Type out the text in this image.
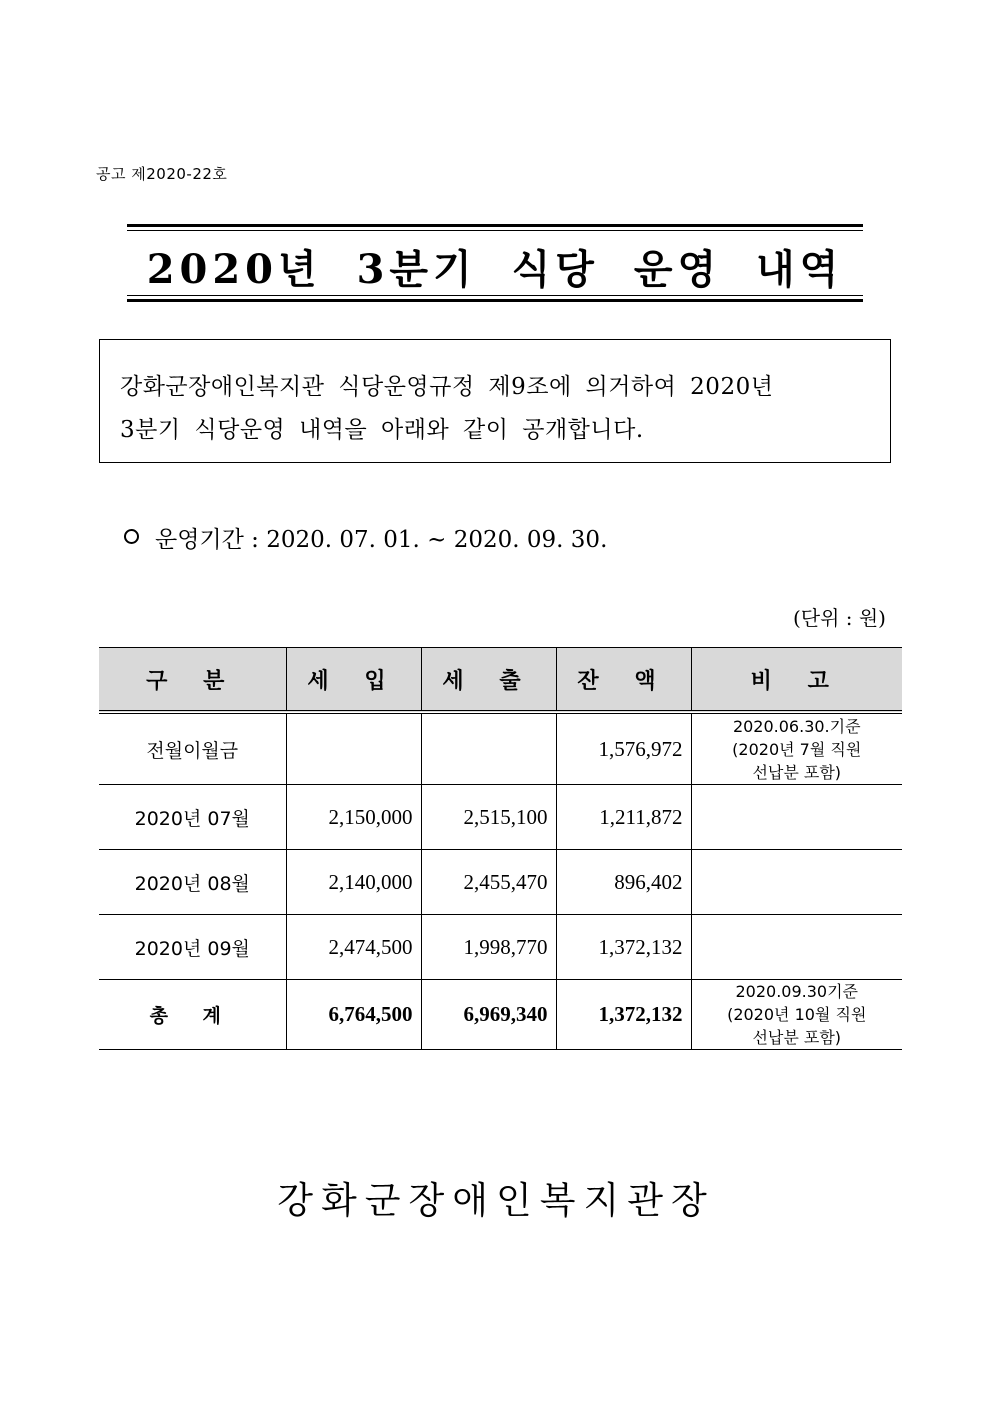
공고 제2020-22호
2020년 3분기 식당 운영 내역

강화군장애인복지관 식당운영규정 제9조에 의거하여 2020년

3분기 식당운영 내역을 아래와 같이 공개합니다.

운영기간 : 2020. 07. 01. ~ 2020. 09. 30.
(단위 : 원)
구 분	세 입	세 출	잔 액	비 고
전월이월금			1,576,972	2020.06.30.기준
(2020년 7월 직원
선납분 포함)

2020년 07월	2,150,000	2,515,100	1,211,872	
2020년 08월	2,140,000	2,455,470	896,402	
2020년 09월	2,474,500	1,998,770	1,372,132	
총 계	6,764,500	6,969,340	1,372,132	2020.09.30기준
(2020년 10월 직원
선납분 포함)
강화군장애인복지관장
